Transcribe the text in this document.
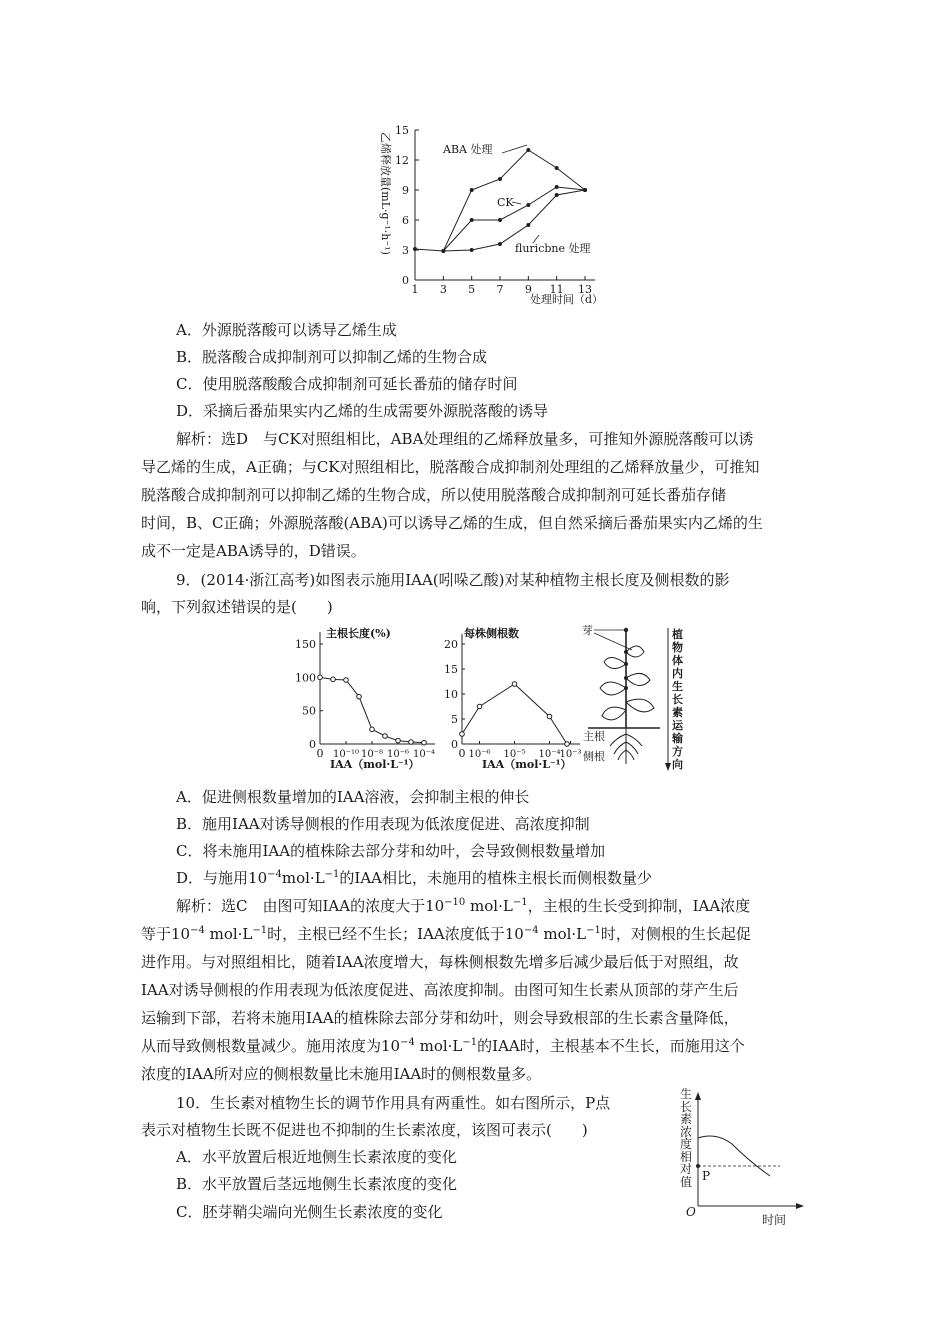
0
3
6
9
12
15
1 3 5 7 9 11 13
乙烯释放量(mL·g⁻¹·h⁻¹)
处理时间（d）
ABA 处理
CK
fluricbne 处理
A．外源脱落酸可以诱导乙烯生成
B．脱落酸合成抑制剂可以抑制乙烯的生物合成
C．使用脱落酸酸合成抑制剂可延长番茄的储存时间
D．采摘后番茄果实内乙烯的生成需要外源脱落酸的诱导
解析：选D　与CK对照组相比，ABA处理组的乙烯释放量多，可推知外源脱落酸可以诱
导乙烯的生成，A正确；与CK对照组相比，脱落酸合成抑制剂处理组的乙烯释放量少，可推知
脱落酸合成抑制剂可以抑制乙烯的生物合成，所以使用脱落酸合成抑制剂可延长番茄存储
时间，B、C正确；外源脱落酸(ABA)可以诱导乙烯的生成，但自然采摘后番茄果实内乙烯的生
成不一定是ABA诱导的，D错误。
9．(2014·浙江高考)如图表示施用IAA(吲哚乙酸)对某种植物主根长度及侧根数的影
响，下列叙述错误的是(　　)
主根长度(%)
150
100
50
0
0 10⁻¹⁰ 10⁻⁸ 10⁻⁶ 10⁻⁴
IAA（mol·L⁻¹）
每株侧根数
20
15
10
5
0
0 10⁻⁶ 10⁻⁵ 10⁻⁴
10⁻³
IAA（mol·L⁻¹）
芽
主根
侧根
植物体内生长素运输方向
A．促进侧根数量增加的IAA溶液，会抑制主根的伸长
B．施用IAA对诱导侧根的作用表现为低浓度促进、高浓度抑制
C．将未施用IAA的植株除去部分芽和幼叶，会导致侧根数量增加
D．与施用$10^{-4}mol\cdot L^{-1}$的IAA相比，未施用的植株主根长而侧根数量少
解析：选C　由图可知IAA的浓度大于$10^{-10}$ $mol\cdot L^{-1}$，主根的生长受到抑制，IAA浓度
等于$10^{-4}$ $mol\cdot L^{-1}$时，主根已经不生长；IAA浓度低于$10^{-4}$ $mol\cdot L^{-1}$时，对侧根的生长起促
进作用。与对照组相比，随着IAA浓度增大，每株侧根数先增多后减少最后低于对照组，故
IAA对诱导侧根的作用表现为低浓度促进、高浓度抑制。由图可知生长素从顶部的芽产生后
运输到下部，若将未施用IAA的植株除去部分芽和幼叶，则会导致根部的生长素含量降低，
从而导致侧根数量减少。施用浓度为$10^{-4}$ $mol\cdot L^{-1}$的IAA时，主根基本不生长，而施用这个
浓度的IAA所对应的侧根数量比未施用IAA时的侧根数量多。
10．生长素对植物生长的调节作用具有两重性。如右图所示，P点
表示对植物生长既不促进也不抑制的生长素浓度，该图可表示(　　)
A．水平放置后根近地侧生长素浓度的变化
B．水平放置后茎远地侧生长素浓度的变化
C．胚芽鞘尖端向光侧生长素浓度的变化
P
O
时间
生长素浓度相对值
